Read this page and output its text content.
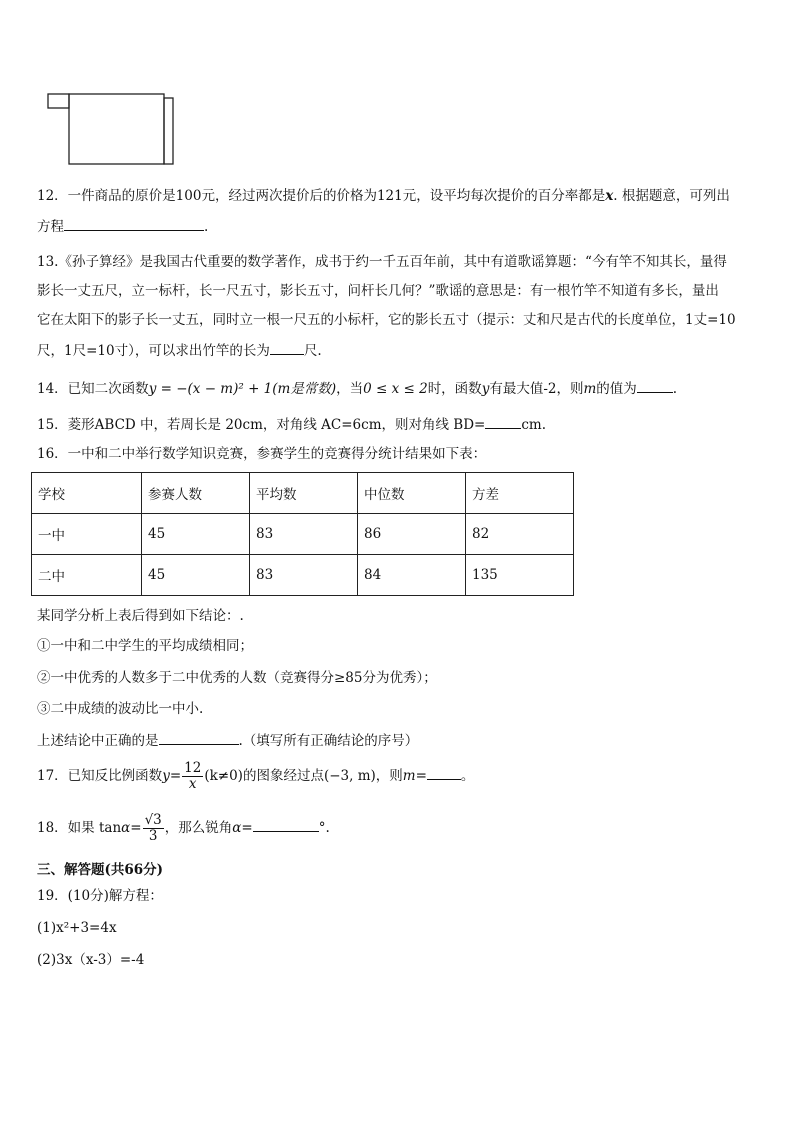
12．一件商品的原价是100元，经过两次提价后的价格为121元，设平均每次提价的百分率都是x. 根据题意，可列出
方程	.
13.《孙子算经》是我国古代重要的数学著作，成书于约一千五百年前，其中有道歌谣算题：“今有竿不知其长，量得
影长一丈五尺，立一标杆，长一尺五寸，影长五寸，问杆长几何？”歌谣的意思是：有一根竹竿不知道有多长，量出
它在太阳下的影子长一丈五，同时立一根一尺五的小标杆，它的影长五寸（提示：丈和尺是古代的长度单位，1丈=10
尺，1尺=10寸），可以求出竹竿的长为	尺.
14．已知二次函数y = −(x − m)² + 1(m是常数)，当0 ≤ x ≤ 2时，函数y有最大值-2，则m的值为	.
15．菱形ABCD 中，若周长是 20cm，对角线 AC=6cm，则对角线 BD=	cm.
16．一中和二中举行数学知识竞赛，参赛学生的竞赛得分统计结果如下表：
学校	参赛人数	平均数	中位数	方差
一中	45	83	86	82
二中	45	83	84	135
某同学分析上表后得到如下结论：.
①一中和二中学生的平均成绩相同；
②一中优秀的人数多于二中优秀的人数（竞赛得分≥85分为优秀）；
③二中成绩的波动比一中小.
上述结论中正确的是	.（填写所有正确结论的序号）
17．已知反比例函数$y= \frac{12}{x} (k\ne 0)$的图象经过点(−3, m)，则m=	。
18．如果 $\tan\alpha= \frac{√3}{3}$ ，那么锐角α=	°.
三、解答题(共66分)
19．(10分)解方程：
(1)x²+3=4x
(2)3x（x-3）=-4
